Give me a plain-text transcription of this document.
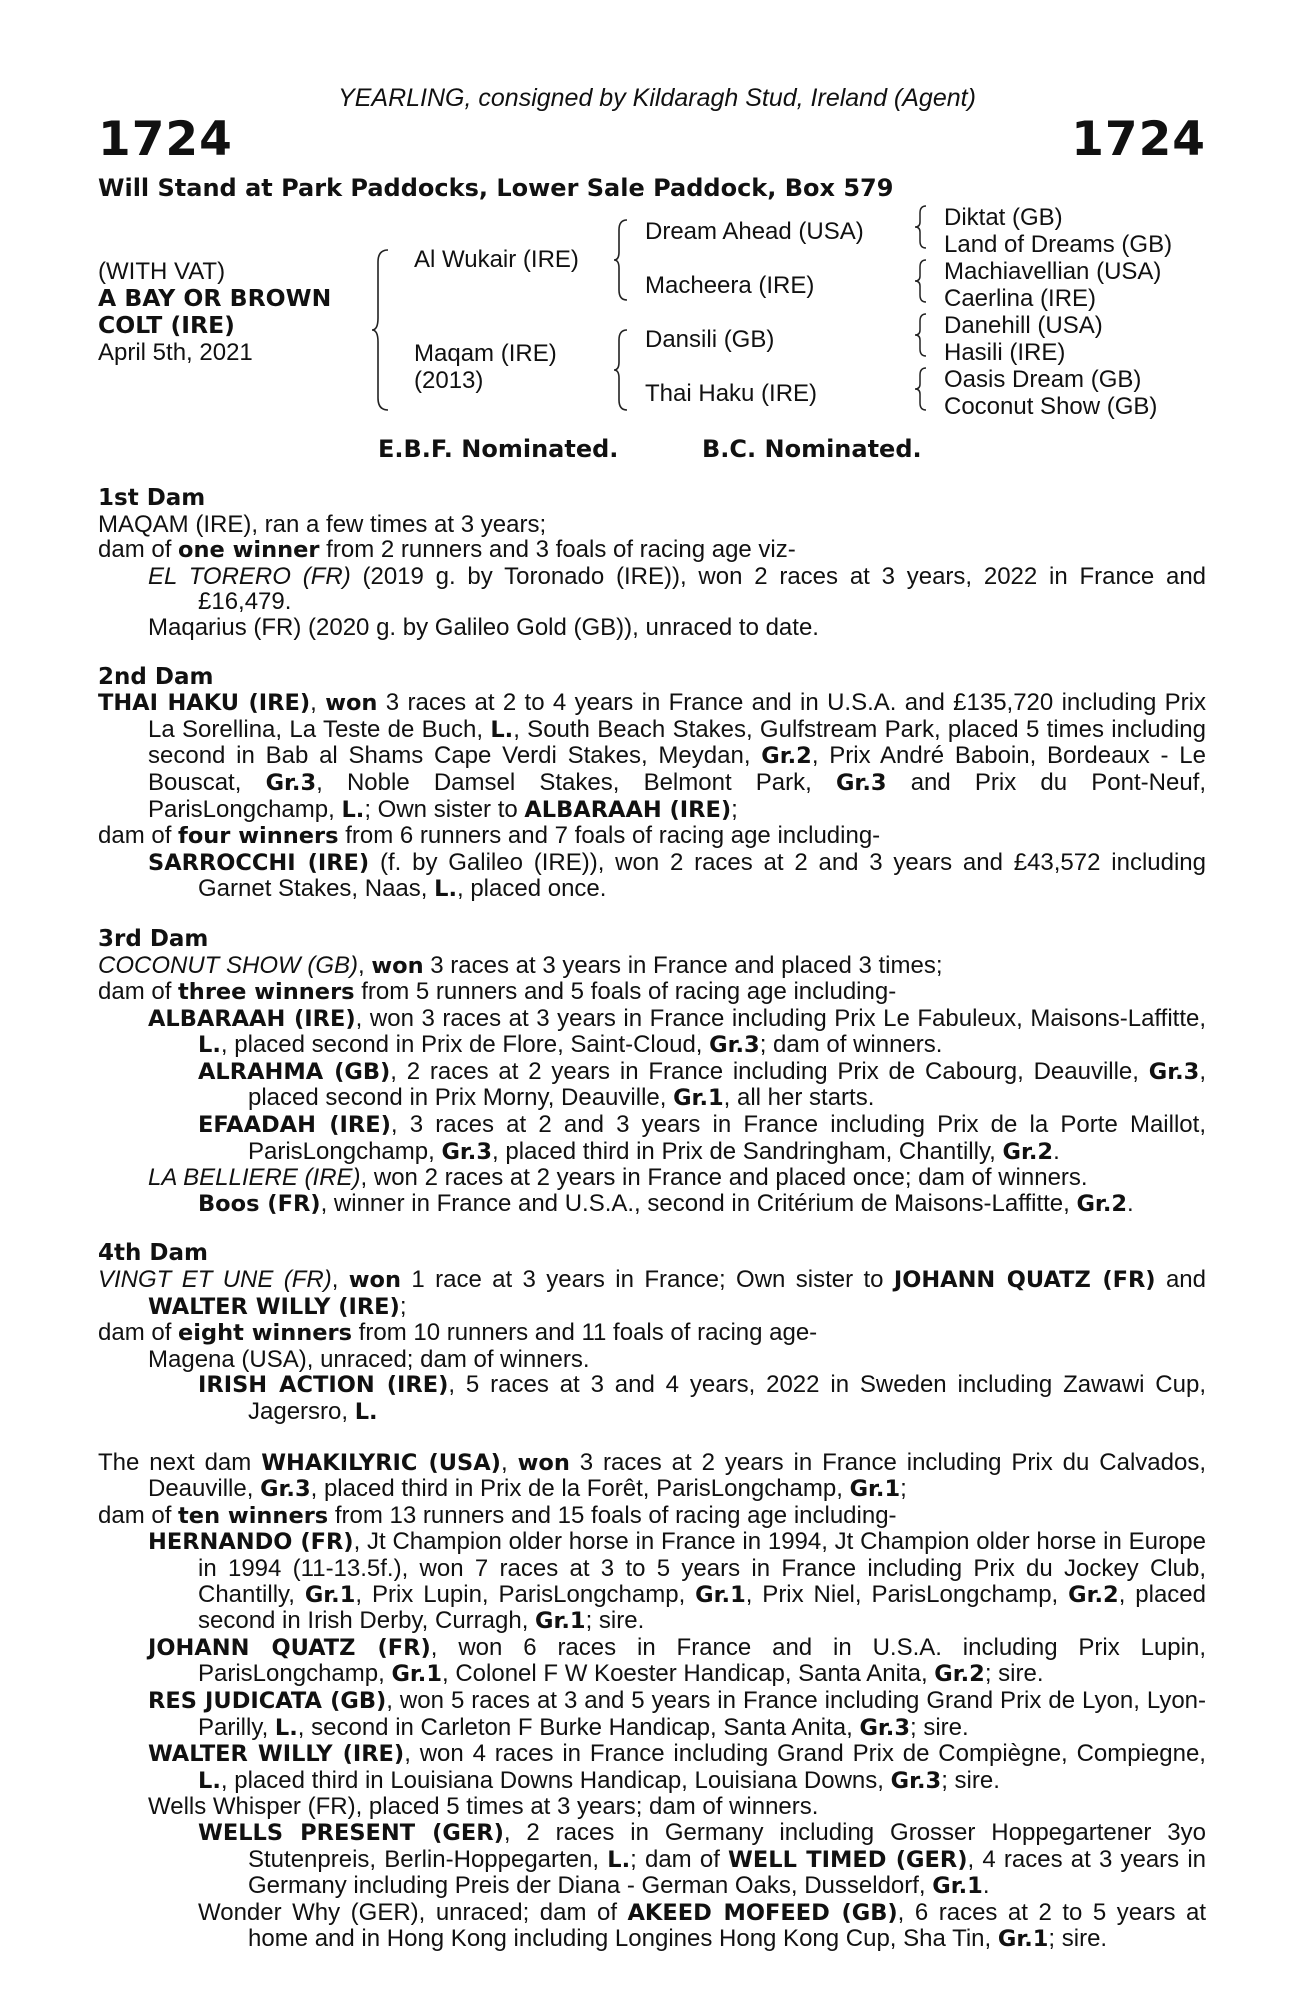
YEARLING, consigned by Kildaragh Stud, Ireland (Agent)
1724	1724
Will Stand at Park Paddocks, Lower Sale Paddock, Box 579
(WITH VAT)
A BAY OR BROWN
COLT (IRE)
April 5th, 2021
Al Wukair (IRE)
Maqam (IRE)
(2013)
Dream Ahead (USA)
Macheera (IRE)
Dansili (GB)
Thai Haku (IRE)
Diktat (GB)
Land of Dreams (GB)
Machiavellian (USA)
Caerlina (IRE)
Danehill (USA)
Hasili (IRE)
Oasis Dream (GB)
Coconut Show (GB)
E.B.F. Nominated.	B.C. Nominated.

1st Dam

MAQAM (IRE), ran a few times at 3 years;

dam of one winner from 2 runners and 3 foals of racing age viz-

EL TORERO (FR) (2019 g. by Toronado (IRE)), won 2 races at 3 years, 2022 in France and £16,479.

Maqarius (FR) (2020 g. by Galileo Gold (GB)), unraced to date.

2nd Dam

THAI HAKU (IRE), won 3 races at 2 to 4 years in France and in U.S.A. and £135,720 including Prix La Sorellina, La Teste de Buch, L., South Beach Stakes, Gulfstream Park, placed 5 times including second in Bab al Shams Cape Verdi Stakes, Meydan, Gr.2, Prix André Baboin, Bordeaux - Le Bouscat, Gr.3, Noble Damsel Stakes, Belmont Park, Gr.3 and Prix du Pont-Neuf, ParisLongchamp, L.; Own sister to ALBARAAH (IRE);

dam of four winners from 6 runners and 7 foals of racing age including-

SARROCCHI (IRE) (f. by Galileo (IRE)), won 2 races at 2 and 3 years and £43,572 including Garnet Stakes, Naas, L., placed once.

3rd Dam

COCONUT SHOW (GB), won 3 races at 3 years in France and placed 3 times;

dam of three winners from 5 runners and 5 foals of racing age including-

ALBARAAH (IRE), won 3 races at 3 years in France including Prix Le Fabuleux, Maisons-Laffitte, L., placed second in Prix de Flore, Saint-Cloud, Gr.3; dam of winners.

ALRAHMA (GB), 2 races at 2 years in France including Prix de Cabourg, Deauville, Gr.3, placed second in Prix Morny, Deauville, Gr.1, all her starts.

EFAADAH (IRE), 3 races at 2 and 3 years in France including Prix de la Porte Maillot, ParisLongchamp, Gr.3, placed third in Prix de Sandringham, Chantilly, Gr.2.

LA BELLIERE (IRE), won 2 races at 2 years in France and placed once; dam of winners.

Boos (FR), winner in France and U.S.A., second in Critérium de Maisons-Laffitte, Gr.2.

4th Dam

VINGT ET UNE (FR), won 1 race at 3 years in France; Own sister to JOHANN QUATZ (FR) and WALTER WILLY (IRE);

dam of eight winners from 10 runners and 11 foals of racing age-

Magena (USA), unraced; dam of winners.

IRISH ACTION (IRE), 5 races at 3 and 4 years, 2022 in Sweden including Zawawi Cup, Jagersro, L.

The next dam WHAKILYRIC (USA), won 3 races at 2 years in France including Prix du Calvados, Deauville, Gr.3, placed third in Prix de la Forêt, ParisLongchamp, Gr.1;

dam of ten winners from 13 runners and 15 foals of racing age including-

HERNANDO (FR), Jt Champion older horse in France in 1994, Jt Champion older horse in Europe in 1994 (11-13.5f.), won 7 races at 3 to 5 years in France including Prix du Jockey Club, Chantilly, Gr.1, Prix Lupin, ParisLongchamp, Gr.1, Prix Niel, ParisLongchamp, Gr.2, placed second in Irish Derby, Curragh, Gr.1; sire.

JOHANN QUATZ (FR), won 6 races in France and in U.S.A. including Prix Lupin, ParisLongchamp, Gr.1, Colonel F W Koester Handicap, Santa Anita, Gr.2; sire.

RES JUDICATA (GB), won 5 races at 3 and 5 years in France including Grand Prix de Lyon, Lyon-Parilly, L., second in Carleton F Burke Handicap, Santa Anita, Gr.3; sire.

WALTER WILLY (IRE), won 4 races in France including Grand Prix de Compiègne, Compiegne, L., placed third in Louisiana Downs Handicap, Louisiana Downs, Gr.3; sire.

Wells Whisper (FR), placed 5 times at 3 years; dam of winners.

WELLS PRESENT (GER), 2 races in Germany including Grosser Hoppegartener 3yo Stutenpreis, Berlin-Hoppegarten, L.; dam of WELL TIMED (GER), 4 races at 3 years in Germany including Preis der Diana - German Oaks, Dusseldorf, Gr.1.

Wonder Why (GER), unraced; dam of AKEED MOFEED (GB), 6 races at 2 to 5 years at home and in Hong Kong including Longines Hong Kong Cup, Sha Tin, Gr.1; sire.
